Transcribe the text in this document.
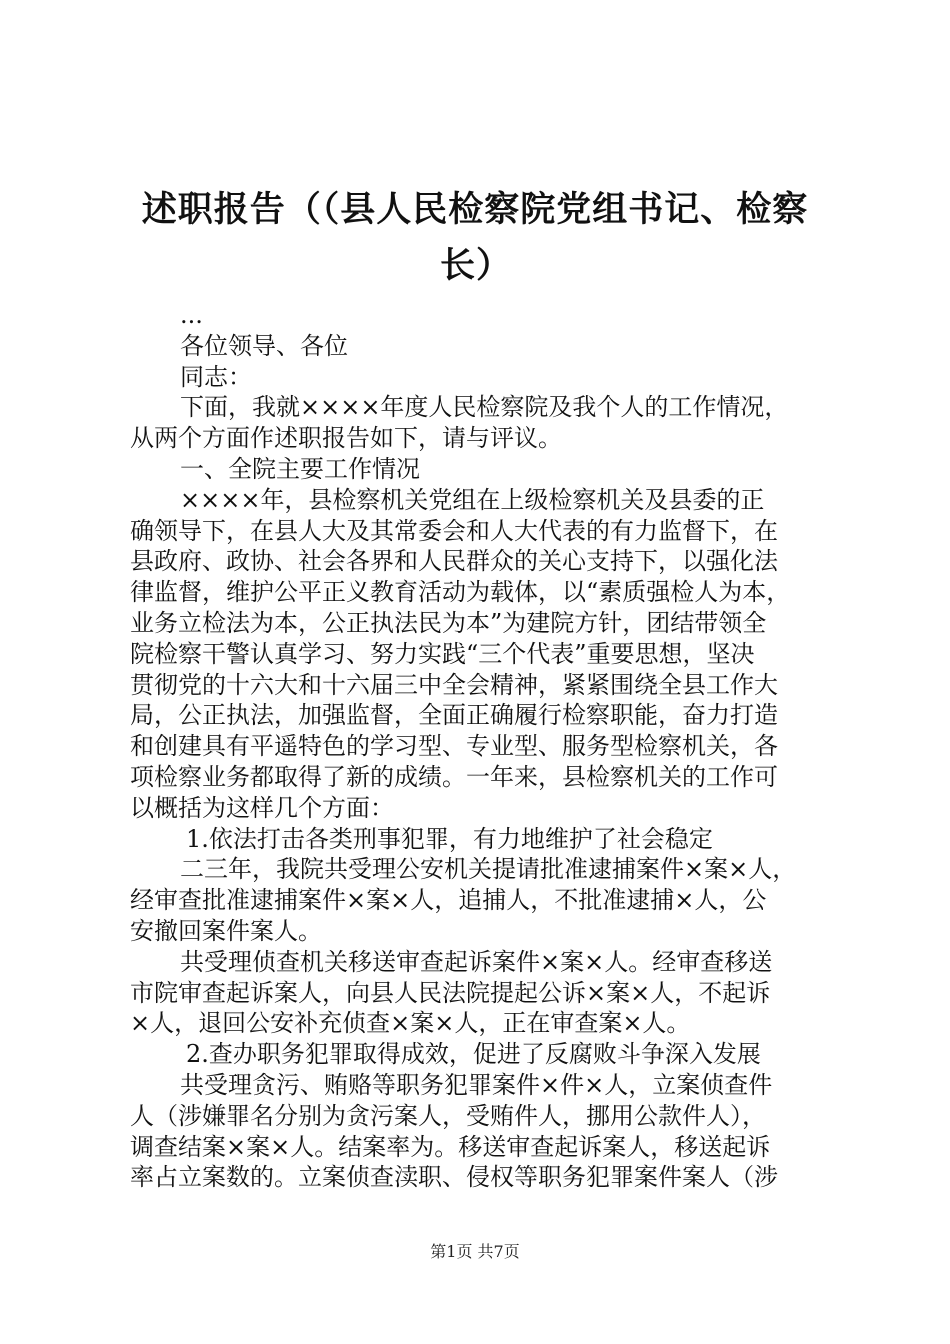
述职报告（（县人民检察院党组书记、检察
长）
...
各位领导、各位
同志：
下面，我就××××年度人民检察院及我个人的工作情况，
从两个方面作述职报告如下，请与评议。
一、全院主要工作情况
××××年，县检察机关党组在上级检察机关及县委的正
确领导下，在县人大及其常委会和人大代表的有力监督下，在
县政府、政协、社会各界和人民群众的关心支持下，以强化法
律监督，维护公平正义教育活动为载体，以“素质强检人为本，
业务立检法为本，公正执法民为本”为建院方针，团结带领全
院检察干警认真学习、努力实践“三个代表”重要思想，坚决
贯彻党的十六大和十六届三中全会精神，紧紧围绕全县工作大
局，公正执法，加强监督，全面正确履行检察职能，奋力打造
和创建具有平遥特色的学习型、专业型、服务型检察机关，各
项检察业务都取得了新的成绩。一年来，县检察机关的工作可
以概括为这样几个方面：
1.依法打击各类刑事犯罪，有力地维护了社会稳定
二三年，我院共受理公安机关提请批准逮捕案件×案×人，
经审查批准逮捕案件×案×人，追捕人，不批准逮捕×人，公
安撤回案件案人。
共受理侦查机关移送审查起诉案件×案×人。经审查移送
市院审查起诉案人，向县人民法院提起公诉×案×人，不起诉
×人，退回公安补充侦查×案×人，正在审查案×人。
2.查办职务犯罪取得成效，促进了反腐败斗争深入发展
共受理贪污、贿赂等职务犯罪案件×件×人，立案侦查件
人（涉嫌罪名分别为贪污案人，受贿件人，挪用公款件人），
调查结案×案×人。结案率为。移送审查起诉案人，移送起诉
率占立案数的。立案侦查渎职、侵权等职务犯罪案件案人（涉
第1页 共7页
